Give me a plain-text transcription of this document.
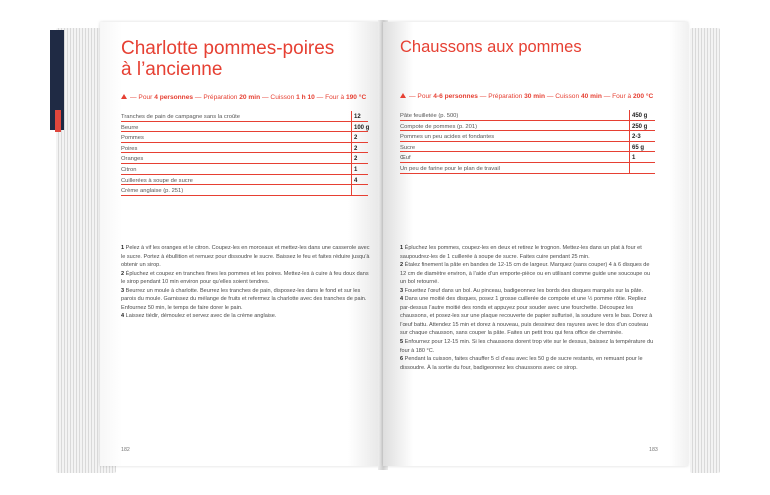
Charlotte pommes-poires
à l’ancienne
— Pour 4 personnes — Préparation 20 min — Cuisson 1 h 10 — Four à 190 °C
Tranches de pain de campagne sans la croûte	12
Beurre	100 g
Pommes	2
Poires	2
Oranges	2
Citron	1
Cuillerées à soupe de sucre	4
Crème anglaise (p. 251)

1 Pelez à vif les oranges et le citron. Coupez-les en morceaux et mettez-les dans une casserole avec le sucre. Portez à ébullition et remuez pour dissoudre le sucre. Baissez le feu et faites réduire jusqu’à obtenir un sirop.

2 Épluchez et coupez en tranches fines les pommes et les poires. Mettez-les à cuire à feu doux dans le sirop pendant 10 min environ pour qu’elles soient tendres.

3 Beurrez un moule à charlotte. Beurrez les tranches de pain, disposez-les dans le fond et sur les parois du moule. Garnissez du mélange de fruits et refermez la charlotte avec des tranches de pain. Enfournez 50 min, le temps de faire dorer le pain.

4 Laissez tiédir, démoulez et servez avec de la crème anglaise.

182
Chaussons aux pommes
— Pour 4-6 personnes — Préparation 30 min — Cuisson 40 min — Four à 200 °C
Pâte feuilletée (p. 500)	450 g
Compote de pommes (p. 201)	250 g
Pommes un peu acides et fondantes	2-3
Sucre	65 g
Œuf	1
Un peu de farine pour le plan de travail

1 Épluchez les pommes, coupez-les en deux et retirez le trognon. Mettez-les dans un plat à four et saupoudrez-les de 1 cuillerée à soupe de sucre. Faites cuire pendant 25 min.

2 Étalez finement la pâte en bandes de 12-15 cm de largeur. Marquez (sans couper) 4 à 6 disques de 12 cm de diamètre environ, à l’aide d’un emporte-pièce ou en utilisant comme guide une soucoupe ou un bol retourné.

3 Fouettez l’œuf dans un bol. Au pinceau, badigeonnez les bords des disques marqués sur la pâte.

4 Dans une moitié des disques, posez 1 grosse cuillerée de compote et une ½ pomme rôtie. Repliez par-dessus l’autre moitié des ronds et appuyez pour souder avec une fourchette. Découpez les chaussons, et posez-les sur une plaque recouverte de papier sulfurisé, la soudure vers le bas. Dorez à l’œuf battu. Attendez 15 min et dorez à nouveau, puis dessinez des rayures avec le dos d’un couteau sur chaque chausson, sans couper la pâte. Faites un petit trou qui fera office de cheminée.

5 Enfournez pour 12-15 min. Si les chaussons dorent trop vite sur le dessus, baissez la température du four à 180 °C.

6 Pendant la cuisson, faites chauffer 5 cl d’eau avec les 50 g de sucre restants, en remuant pour le dissoudre. À la sortie du four, badigeonnez les chaussons avec ce sirop.

183
